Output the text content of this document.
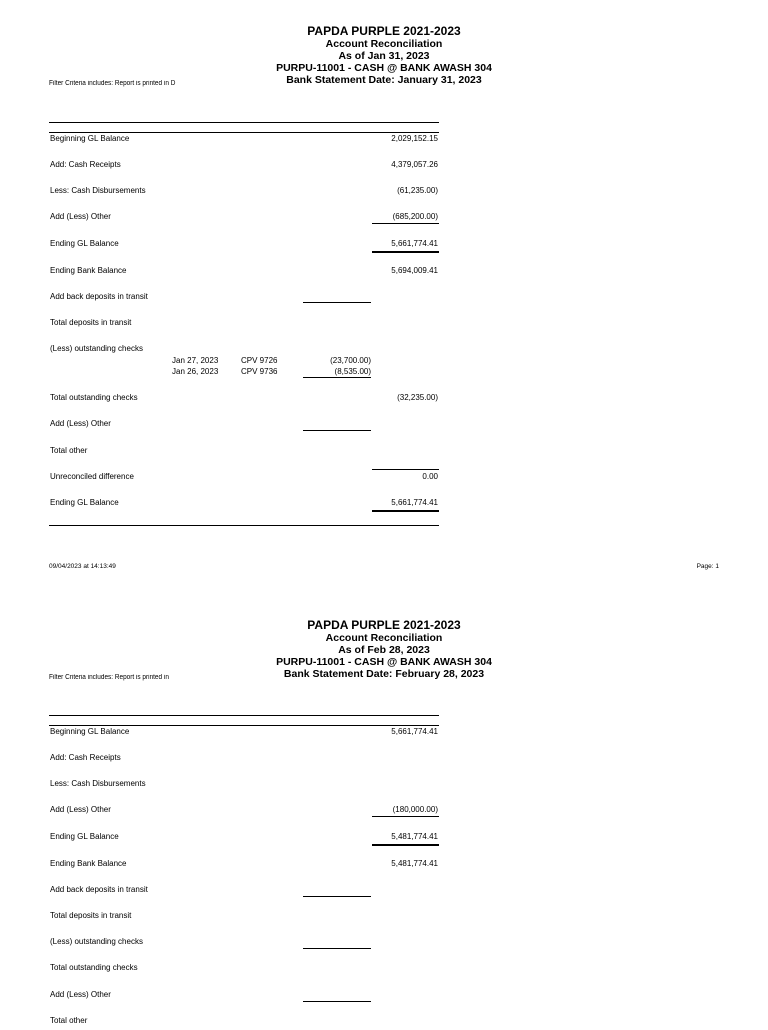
PAPDA PURPLE 2021-2023
Account Reconciliation
As of Jan 31, 2023
PURPU-11001 - CASH @ BANK AWASH 304
Bank Statement Date: January 31, 2023
Filter Criteria includes: Report is printed in D
Beginning GL Balance	2,029,152.15
Add: Cash Receipts	4,379,057.26
Less: Cash Disbursements	(61,235.00)
Add (Less) Other	(685,200.00)
Ending GL Balance	5,661,774.41
Ending Bank Balance	5,694,009.41
Add back deposits in transit
Total deposits in transit
(Less) outstanding checks
Jan 27, 2023	CPV 9726	(23,700.00)
Jan 26, 2023	CPV 9736	(8,535.00)
Total outstanding checks	(32,235.00)
Add (Less) Other
Total other
Unreconciled difference	0.00
Ending GL Balance	5,661,774.41
09/04/2023 at 14:13:49	Page: 1
PAPDA PURPLE 2021-2023
Account Reconciliation
As of Feb 28, 2023
PURPU-11001 - CASH @ BANK AWASH 304
Bank Statement Date: February 28, 2023
Filter Criteria includes: Report is printed in
Beginning GL Balance	5,661,774.41
Add: Cash Receipts
Less: Cash Disbursements
Add (Less) Other	(180,000.00)
Ending GL Balance	5,481,774.41
Ending Bank Balance	5,481,774.41
Add back deposits in transit
Total deposits in transit
(Less) outstanding checks
Total outstanding checks
Add (Less) Other
Total other
